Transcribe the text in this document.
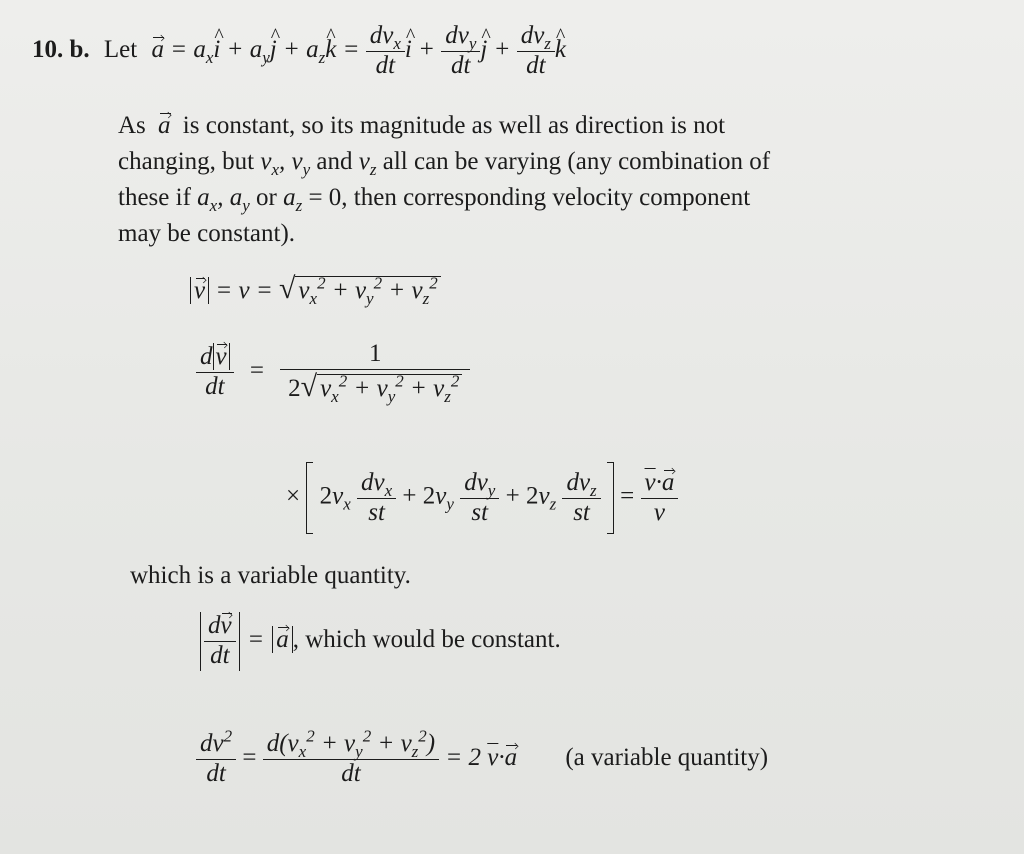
10. b. Let $a = a_xi$ ^ + $a_yj$ ^ + $a_zk$ ^ = $\frac{dv_x}{dt}$ i ^ + $\frac{dv_y}{dt}$ j ^ + $\frac{dv_z}{dt}$ k ^
As a is constant, so its magnitude as well as direction is not
changing, but $v_x$, $v_y$ and $v_z$ all can be varying (any combination of
these if $a_x$, $a_y$ or $a_z = 0$, then corresponding velocity component
may be constant).
v = v = √ $v_x^2 + v_y^2 + v_z^2$
$\frac{\text{d v}}{dt} = \frac{1}{2√ v_x^2 + v_y^2 + v_z^2}$
× $2v_x \frac{dv_x}{st} + 2v_y \frac{dv_y}{st} + 2v_z \frac{dv_z}{st} = \frac{\overline{v}\cdot a}{v}$
which is a variable quantity.
$\frac{dv}{dt} = a$ , which would be constant.
$\frac{dv^2}{dt} = \frac{d(v_x^2 + v_y^2 + v_z^2)}{dt} = 2$ $\overline{v}\cdot a$ (a variable quantity)
